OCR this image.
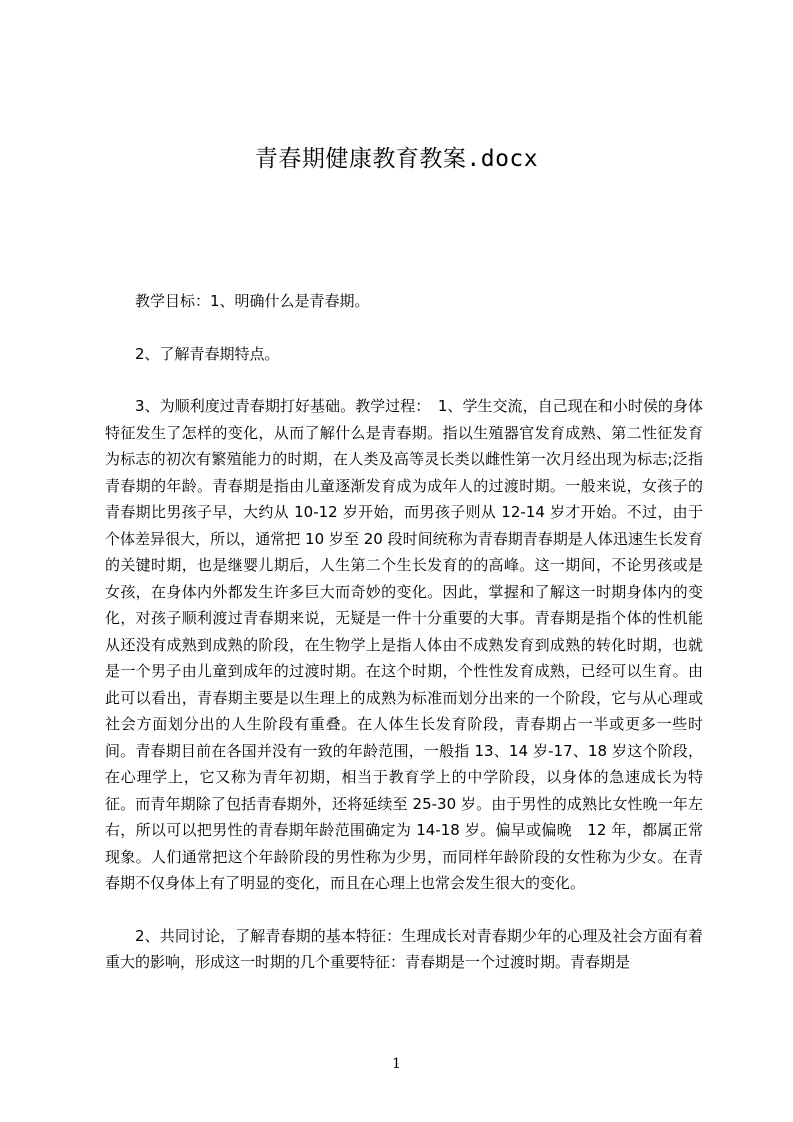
青春期健康教育教案.docx

教学目标：1、明确什么是青春期。

2、了解青春期特点。

3、为顺利度过青春期打好基础。教学过程：　1、学生交流，自己现在和小时侯的身体特征发生了怎样的变化，从而了解什么是青春期。指以生殖器官发育成熟、第二性征发育为标志的初次有繁殖能力的时期，在人类及高等灵长类以雌性第一次月经出现为标志;泛指青春期的年龄。青春期是指由儿童逐渐发育成为成年人的过渡时期。一般来说，女孩子的青春期比男孩子早，大约从 10-12 岁开始，而男孩子则从 12-14 岁才开始。不过，由于个体差异很大，所以，通常把 10 岁至 20 段时间统称为青春期青春期是人体迅速生长发育的关键时期，也是继婴儿期后，人生第二个生长发育的的高峰。这一期间，不论男孩或是女孩，在身体内外都发生许多巨大而奇妙的变化。因此，掌握和了解这一时期身体内的变化，对孩子顺利渡过青春期来说，无疑是一件十分重要的大事。青春期是指个体的性机能从还没有成熟到成熟的阶段，在生物学上是指人体由不成熟发育到成熟的转化时期，也就是一个男子由儿童到成年的过渡时期。在这个时期，个性性发育成熟，已经可以生育。由此可以看出，青春期主要是以生理上的成熟为标准而划分出来的一个阶段，它与从心理或社会方面划分出的人生阶段有重叠。在人体生长发育阶段，青春期占一半或更多一些时间。青春期目前在各国并没有一致的年龄范围，一般指 13、14 岁-17、18 岁这个阶段，在心理学上，它又称为青年初期，相当于教育学上的中学阶段，以身体的急速成长为特征。而青年期除了包括青春期外，还将延续至 25-30 岁。由于男性的成熟比女性晚一年左右，所以可以把男性的青春期年龄范围确定为 14-18 岁。偏早或偏晚　12 年，都属正常现象。人们通常把这个年龄阶段的男性称为少男，而同样年龄阶段的女性称为少女。在青春期不仅身体上有了明显的变化，而且在心理上也常会发生很大的变化。

2、共同讨论，了解青春期的基本特征：生理成长对青春期少年的心理及社会方面有着重大的影响，形成这一时期的几个重要特征：青春期是一个过渡时期。青春期是

1
